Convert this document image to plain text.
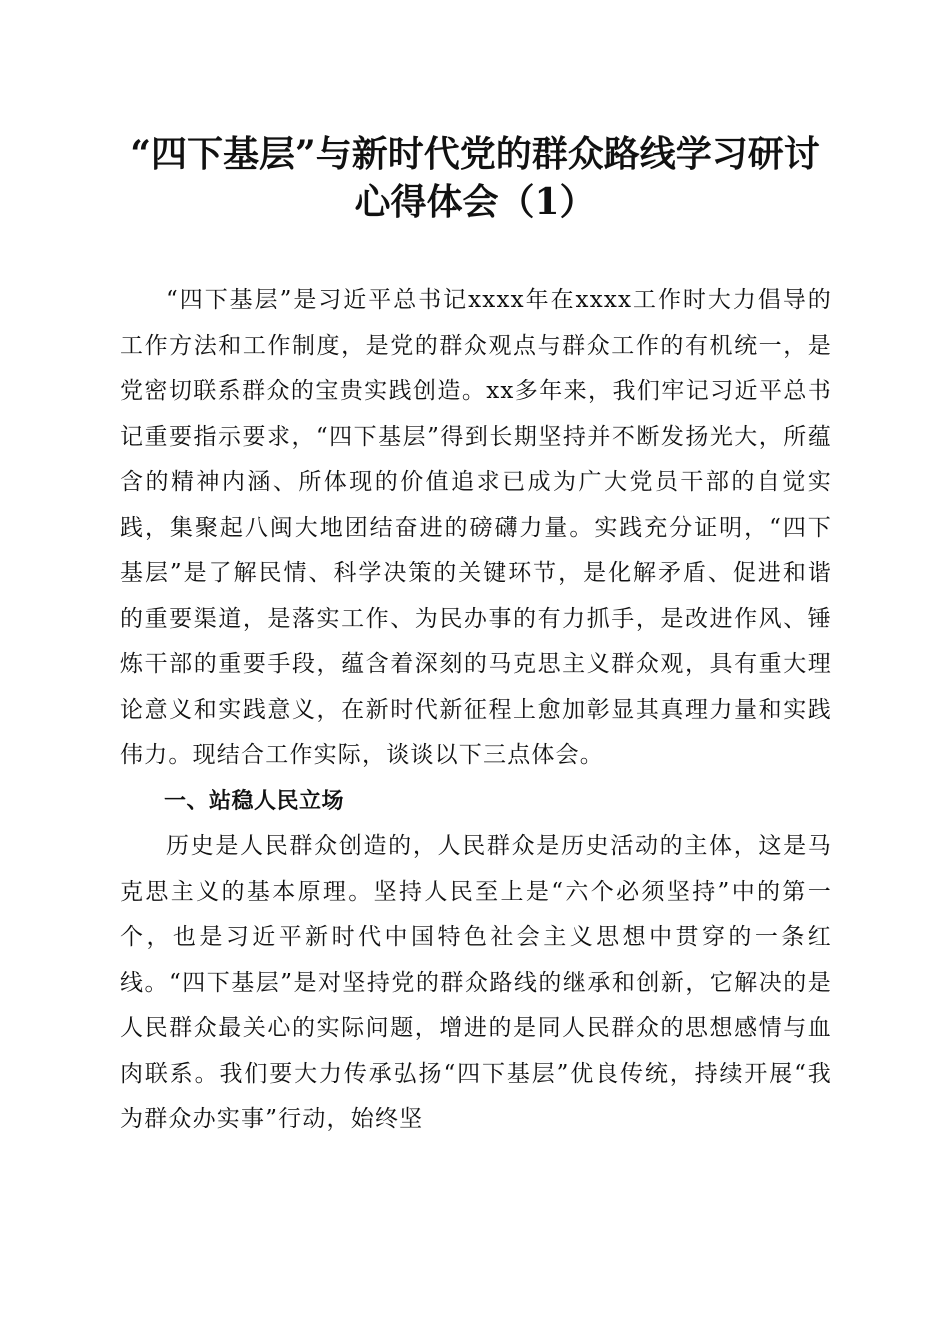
“四下基层”与新时代党的群众路线学习研讨
心得体会（1）

“四下基层”是习近平总书记xxxx年在xxxx工作时大力倡导的工作方法和工作制度，是党的群众观点与群众工作的有机统一，是党密切联系群众的宝贵实践创造。xx多年来，我们牢记习近平总书记重要指示要求，“四下基层”得到长期坚持并不断发扬光大，所蕴含的精神内涵、所体现的价值追求已成为广大党员干部的自觉实践，集聚起八闽大地团结奋进的磅礴力量。实践充分证明，“四下基层”是了解民情、科学决策的关键环节，是化解矛盾、促进和谐的重要渠道，是落实工作、为民办事的有力抓手，是改进作风、锤炼干部的重要手段，蕴含着深刻的马克思主义群众观，具有重大理论意义和实践意义，在新时代新征程上愈加彰显其真理力量和实践伟力。现结合工作实际，谈谈以下三点体会。

一、站稳人民立场

历史是人民群众创造的，人民群众是历史活动的主体，这是马克思主义的基本原理。坚持人民至上是“六个必须坚持”中的第一个，也是习近平新时代中国特色社会主义思想中贯穿的一条红线。“四下基层”是对坚持党的群众路线的继承和创新，它解决的是人民群众最关心的实际问题，增进的是同人民群众的思想感情与血肉联系。我们要大力传承弘扬“四下基层”优良传统，持续开展“我为群众办实事”行动，始终坚
